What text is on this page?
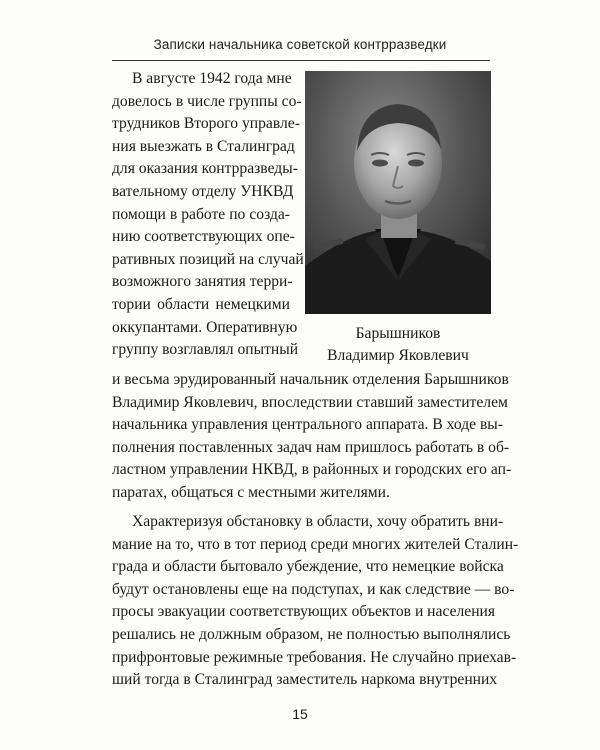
Записки начальника советской контрразведки
В августе 1942 года мне
довелось в числе группы со-
трудников Второго управле-
ния выезжать в Сталинград
для оказания контрразведы-
вательному отделу УНКВД
помощи в работе по созда-
нию соответствующих опе-
ративных позиций на случай
возможного занятия терри-
тории области немецкими
оккупантами. Оперативную
группу возглавлял опытный
Барышников
Владимир Яковлевич
и весьма эрудированный начальник отделения Барышников
Владимир Яковлевич, впоследствии ставший заместителем
начальника управления центрального аппарата. В ходе вы-
полнения поставленных задач нам пришлось работать в об-
ластном управлении НКВД, в районных и городских его ап-
паратах, общаться с местными жителями.
Характеризуя обстановку в области, хочу обратить вни-
мание на то, что в тот период среди многих жителей Сталин-
града и области бытовало убеждение, что немецкие войска
будут остановлены еще на подступах, и как следствие — во-
просы эвакуации соответствующих объектов и населения
решались не должным образом, не полностью выполнялись
прифронтовые режимные требования. Не случайно приехав-
ший тогда в Сталинград заместитель наркома внутренних
15
